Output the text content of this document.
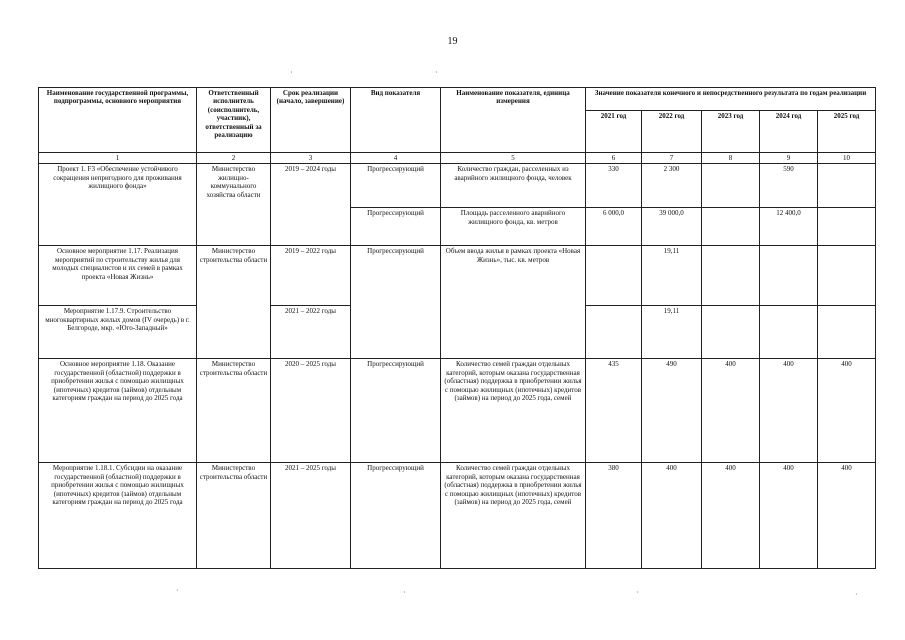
19
Наименование государственной программы, подпрограммы, основного мероприятия	Ответственный исполнитель (соисполнитель, участник), ответственный за реализацию	Срок реализации (начало, завершение)	Вид показателя	Наименование показателя, единица измерения	Значение показателя конечного и непосредственного результата по годам реализации				
					2021 год	2022 год	2023 год	2024 год	2025 год
1	2	3	4	5	6	7	8	9	10
Проект 1. F3 «Обеспечение устойчивого сокращения непригодного для проживания жилищного фонда»	Министерство жилищно-коммунального хозяйства области	2019 – 2024 годы	Прогрессирующий	Количество граждан, расселенных из аварийного жилищного фонда, человек	330	2 300		590	
			Прогрессирующий	Площадь расселенного аварийного жилищного фонда, кв. метров	6 000,0	39 000,0		12 400,0	
Основное мероприятие 1.17. Реализация мероприятий по строительству жилья для молодых специалистов и их семей в рамках проекта «Новая Жизнь»	Министерство строительства области	2019 – 2022 годы	Прогрессирующий	Объем ввода жилья в рамках проекта «Новая Жизнь», тыс. кв. метров		19,11			
Мероприятие 1.17.9. Строительство многоквартирных жилых домов (IV очередь) в г. Белгороде, мкр. «Юго-Западный»		2021 – 2022 годы				19,11			
Основное мероприятие 1.18. Оказание государственной (областной) поддержки в приобретении жилья с помощью жилищных (ипотечных) кредитов (займов) отдельным категориям граждан на период до 2025 года	Министерство строительства области	2020 – 2025 годы	Прогрессирующий	Количество семей граждан отдельных категорий, которым оказана государственная (областная) поддержка в приобретении жилья с помощью жилищных (ипотечных) кредитов (займов) на период до 2025 года, семей	435	490	400	400	400
Мероприятие 1.18.1. Субсидии на оказание государственной (областной) поддержки в приобретении жилья с помощью жилищных (ипотечных) кредитов (займов) отдельным категориям граждан на период до 2025 года	Министерство строительства области	2021 – 2025 годы	Прогрессирующий	Количество семей граждан отдельных категорий, которым оказана государственная (областная) поддержка в приобретении жилья с помощью жилищных (ипотечных) кредитов (займов) на период до 2025 года, семей	380	400	400	400	400
·	·
·	·	·	·
